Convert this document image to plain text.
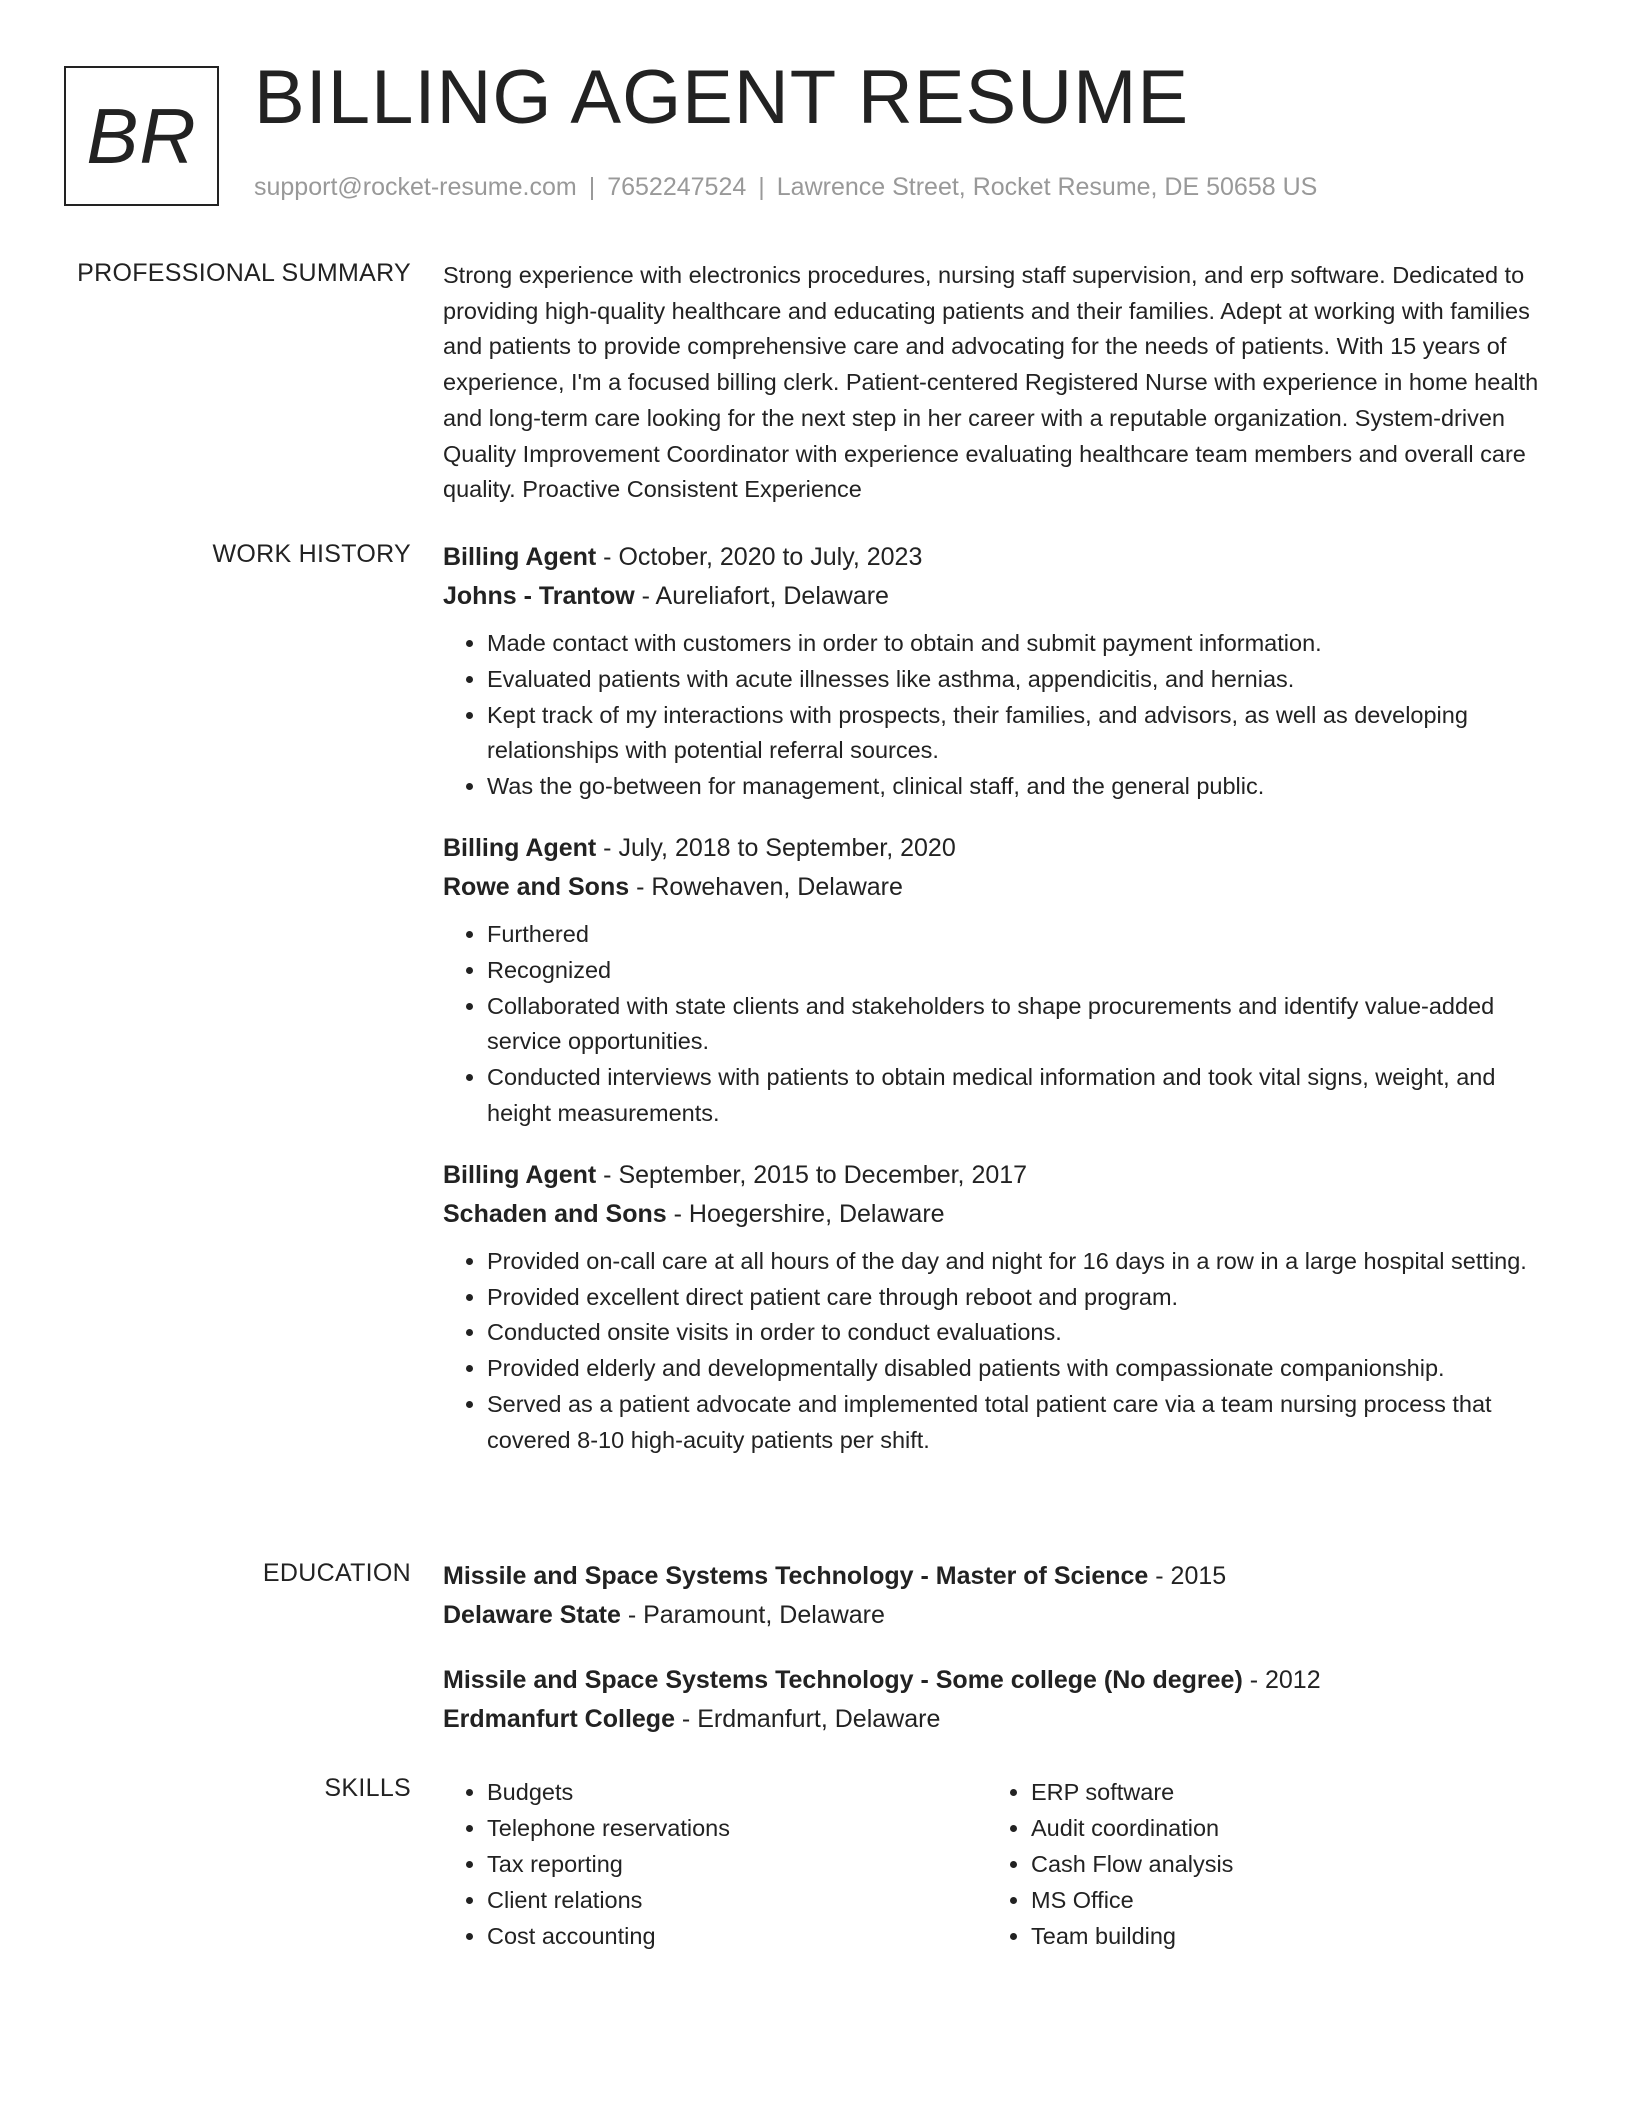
BR BILLING AGENT RESUME
support@rocket-resume.com | 7652247524 | Lawrence Street, Rocket Resume, DE 50658 US
PROFESSIONAL SUMMARY Strong experience with electronics procedures, nursing staff supervision, and erp software. Dedicated to providing high-quality healthcare and educating patients and their families. Adept at working with families and patients to provide comprehensive care and advocating for the needs of patients. With 15 years of experience, I'm a focused billing clerk. Patient-centered Registered Nurse with experience in home health and long-term care looking for the next step in her career with a reputable organization. System-driven Quality Improvement Coordinator with experience evaluating healthcare team members and overall care quality. Proactive Consistent Experience

WORK HISTORY Billing Agent - October, 2020 to July, 2023
Johns - Trantow - Aureliafort, Delaware
• Made contact with customers in order to obtain and submit payment information.
• Evaluated patients with acute illnesses like asthma, appendicitis, and hernias.
• Kept track of my interactions with prospects, their families, and advisors, as well as developing relationships with potential referral sources.
• Was the go-between for management, clinical staff, and the general public.
Billing Agent - July, 2018 to September, 2020
Rowe and Sons - Rowehaven, Delaware
• Furthered
• Recognized
• Collaborated with state clients and stakeholders to shape procurements and identify value-added service opportunities.
• Conducted interviews with patients to obtain medical information and took vital signs, weight, and height measurements.
Billing Agent - September, 2015 to December, 2017
Schaden and Sons - Hoegershire, Delaware
• Provided on-call care at all hours of the day and night for 16 days in a row in a large hospital setting.
• Provided excellent direct patient care through reboot and program.
• Conducted onsite visits in order to conduct evaluations.
• Provided elderly and developmentally disabled patients with compassionate companionship.
• Served as a patient advocate and implemented total patient care via a team nursing process that covered 8-10 high-acuity patients per shift.
EDUCATION Missile and Space Systems Technology - Master of Science - 2015
Delaware State - Paramount, Delaware
Missile and Space Systems Technology - Some college (No degree) - 2012
Erdmanfurt College - Erdmanfurt, Delaware
SKILLS
•	Budgets
• Telephone reservations
• Tax reporting
• Client relations
• Cost accounting
• ERP software
• Audit coordination
• Cash Flow analysis
• MS Office
• Team building
